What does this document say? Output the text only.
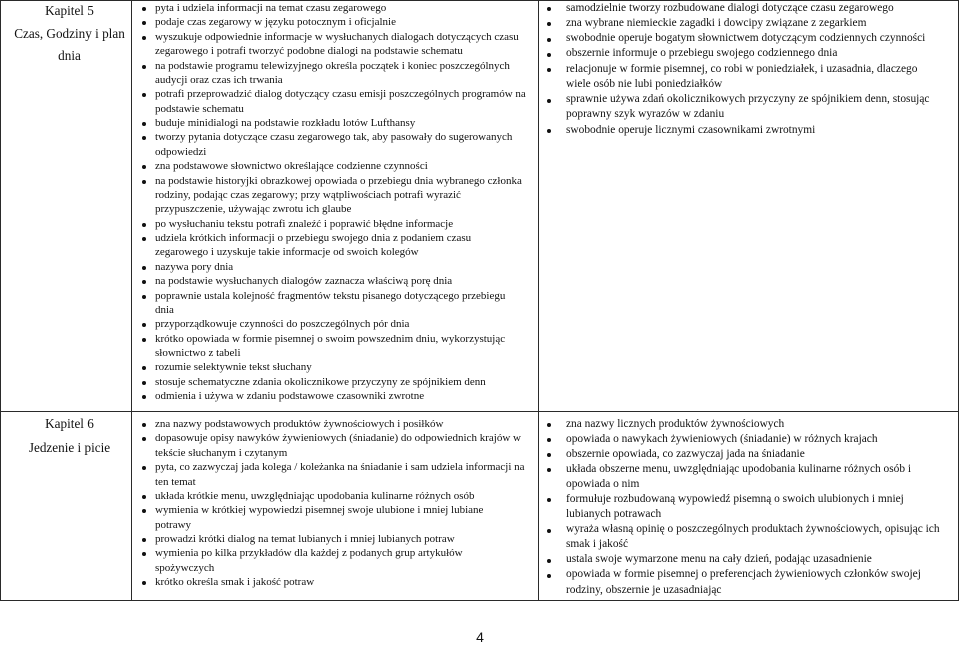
Kapitel 5
Czas, Godziny i plan dnia
pyta i udziela informacji na temat czasu zegarowego
podaje czas zegarowy w języku potocznym i oficjalnie
wyszukuje odpowiednie informacje w wysłuchanych dialogach dotyczących czasu
zegarowego i potrafi tworzyć podobne dialogi na podstawie schematu
na podstawie programu telewizyjnego określa początek i koniec poszczególnych
audycji oraz czas ich trwania
potrafi przeprowadzić dialog dotyczący czasu emisji poszczególnych programów na
podstawie schematu
buduje minidialogi na podstawie rozkładu lotów Lufthansy
tworzy pytania dotyczące czasu zegarowego tak, aby pasowały do sugerowanych
odpowiedzi
zna podstawowe słownictwo określające codzienne czynności
na podstawie historyjki obrazkowej opowiada o przebiegu dnia wybranego członka
rodziny, podając czas zegarowy; przy wątpliwościach potrafi wyrazić
przypuszczenie, używając zwrotu ich glaube
po wysłuchaniu tekstu potrafi znaleźć i poprawić błędne informacje
udziela krótkich informacji o przebiegu swojego dnia z podaniem czasu
zegarowego i uzyskuje takie informacje od swoich kolegów
nazywa pory dnia
na podstawie wysłuchanych dialogów zaznacza właściwą porę dnia
poprawnie ustala kolejność fragmentów tekstu pisanego dotyczącego przebiegu
dnia
przyporządkowuje czynności do poszczególnych pór dnia
krótko opowiada w formie pisemnej o swoim powszednim dniu, wykorzystując
słownictwo z tabeli
rozumie selektywnie tekst słuchany
stosuje schematyczne zdania okolicznikowe przyczyny ze spójnikiem denn
odmienia i używa w zdaniu podstawowe czasowniki zwrotne
samodzielnie tworzy rozbudowane dialogi dotyczące czasu zegarowego
zna wybrane niemieckie zagadki i dowcipy związane z zegarkiem
swobodnie operuje bogatym słownictwem dotyczącym codziennych czynności
obszernie informuje o przebiegu swojego codziennego dnia
relacjonuje w formie pisemnej, co robi w poniedziałek, i uzasadnia, dlaczego
wiele osób nie lubi poniedziałków
sprawnie używa zdań okolicznikowych przyczyny ze spójnikiem denn, stosując
poprawny szyk wyrazów w zdaniu
swobodnie operuje licznymi czasownikami zwrotnymi
Kapitel 6
Jedzenie i picie
zna nazwy podstawowych produktów żywnościowych i posiłków
dopasowuje opisy nawyków żywieniowych (śniadanie) do odpowiednich krajów w
tekście słuchanym i czytanym
pyta, co zazwyczaj jada kolega / koleżanka na śniadanie i sam udziela informacji na
ten temat
układa krótkie menu, uwzględniając upodobania kulinarne różnych osób
wymienia w krótkiej wypowiedzi pisemnej swoje ulubione i mniej lubiane
potrawy
prowadzi krótki dialog na temat lubianych i mniej lubianych potraw
wymienia po kilka przykładów dla każdej z podanych grup artykułów
spożywczych
krótko określa smak i jakość potraw
zna nazwy licznych produktów żywnościowych
opowiada o nawykach żywieniowych (śniadanie) w różnych krajach
obszernie opowiada, co zazwyczaj jada na śniadanie
układa obszerne menu, uwzględniając upodobania kulinarne różnych osób i
opowiada o nim
formułuje rozbudowaną wypowiedź pisemną o swoich ulubionych i mniej
lubianych potrawach
wyraża własną opinię o poszczególnych produktach żywnościowych, opisując ich
smak i jakość
ustala swoje wymarzone menu na cały dzień, podając uzasadnienie
opowiada w formie pisemnej o preferencjach żywieniowych członków swojej
rodziny, obszernie je uzasadniając
4
